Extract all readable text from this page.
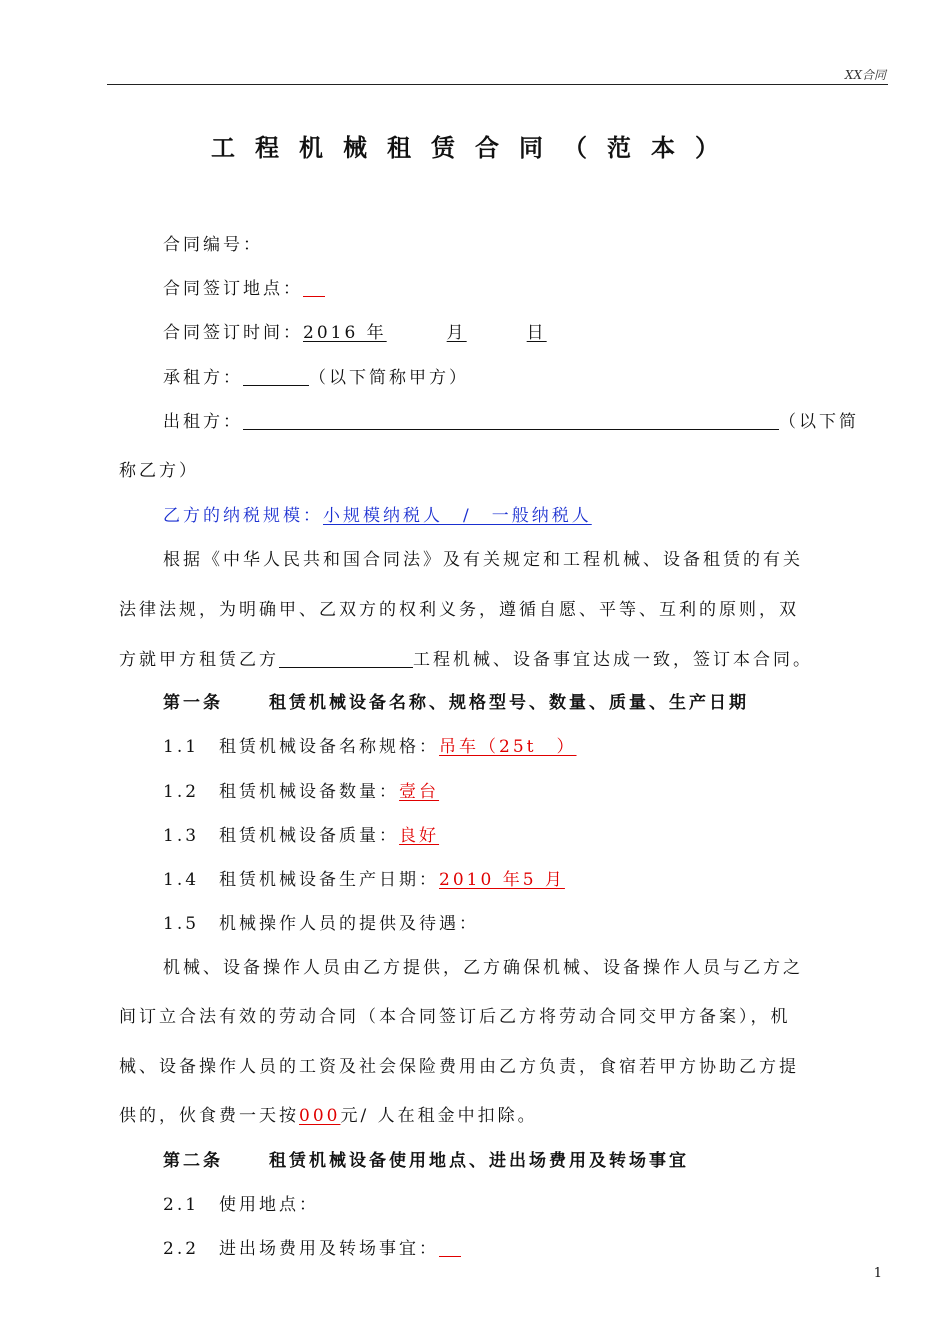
XX合同
工程机械租赁合同（范本）
合同编号：
合同签订地点：
合同签订时间：2016 年	月	日
承租方：	（以下简称甲方）
出租方：	（以下简
称乙方）
乙方的纳税规模：小规模纳税人　/　一般纳税人
根据《中华人民共和国合同法》及有关规定和工程机械、设备租赁的有关
法律法规，为明确甲、乙双方的权利义务，遵循自愿、平等、互利的原则，双
方就甲方租赁乙方	工程机械、设备事宜达成一致，签订本合同。
第一条	租赁机械设备名称、规格型号、数量、质量、生产日期
1.1　租赁机械设备名称规格：吊车（25t　）
1.2　租赁机械设备数量：壹台
1.3　租赁机械设备质量：良好
1.4　租赁机械设备生产日期：2010 年5 月
1.5　机械操作人员的提供及待遇：
机械、设备操作人员由乙方提供，乙方确保机械、设备操作人员与乙方之
间订立合法有效的劳动合同（本合同签订后乙方将劳动合同交甲方备案），机
械、设备操作人员的工资及社会保险费用由乙方负责，食宿若甲方协助乙方提
供的，伙食费一天按000元/ 人在租金中扣除。
第二条	租赁机械设备使用地点、进出场费用及转场事宜
2.1　使用地点：
2.2　进出场费用及转场事宜：
1
